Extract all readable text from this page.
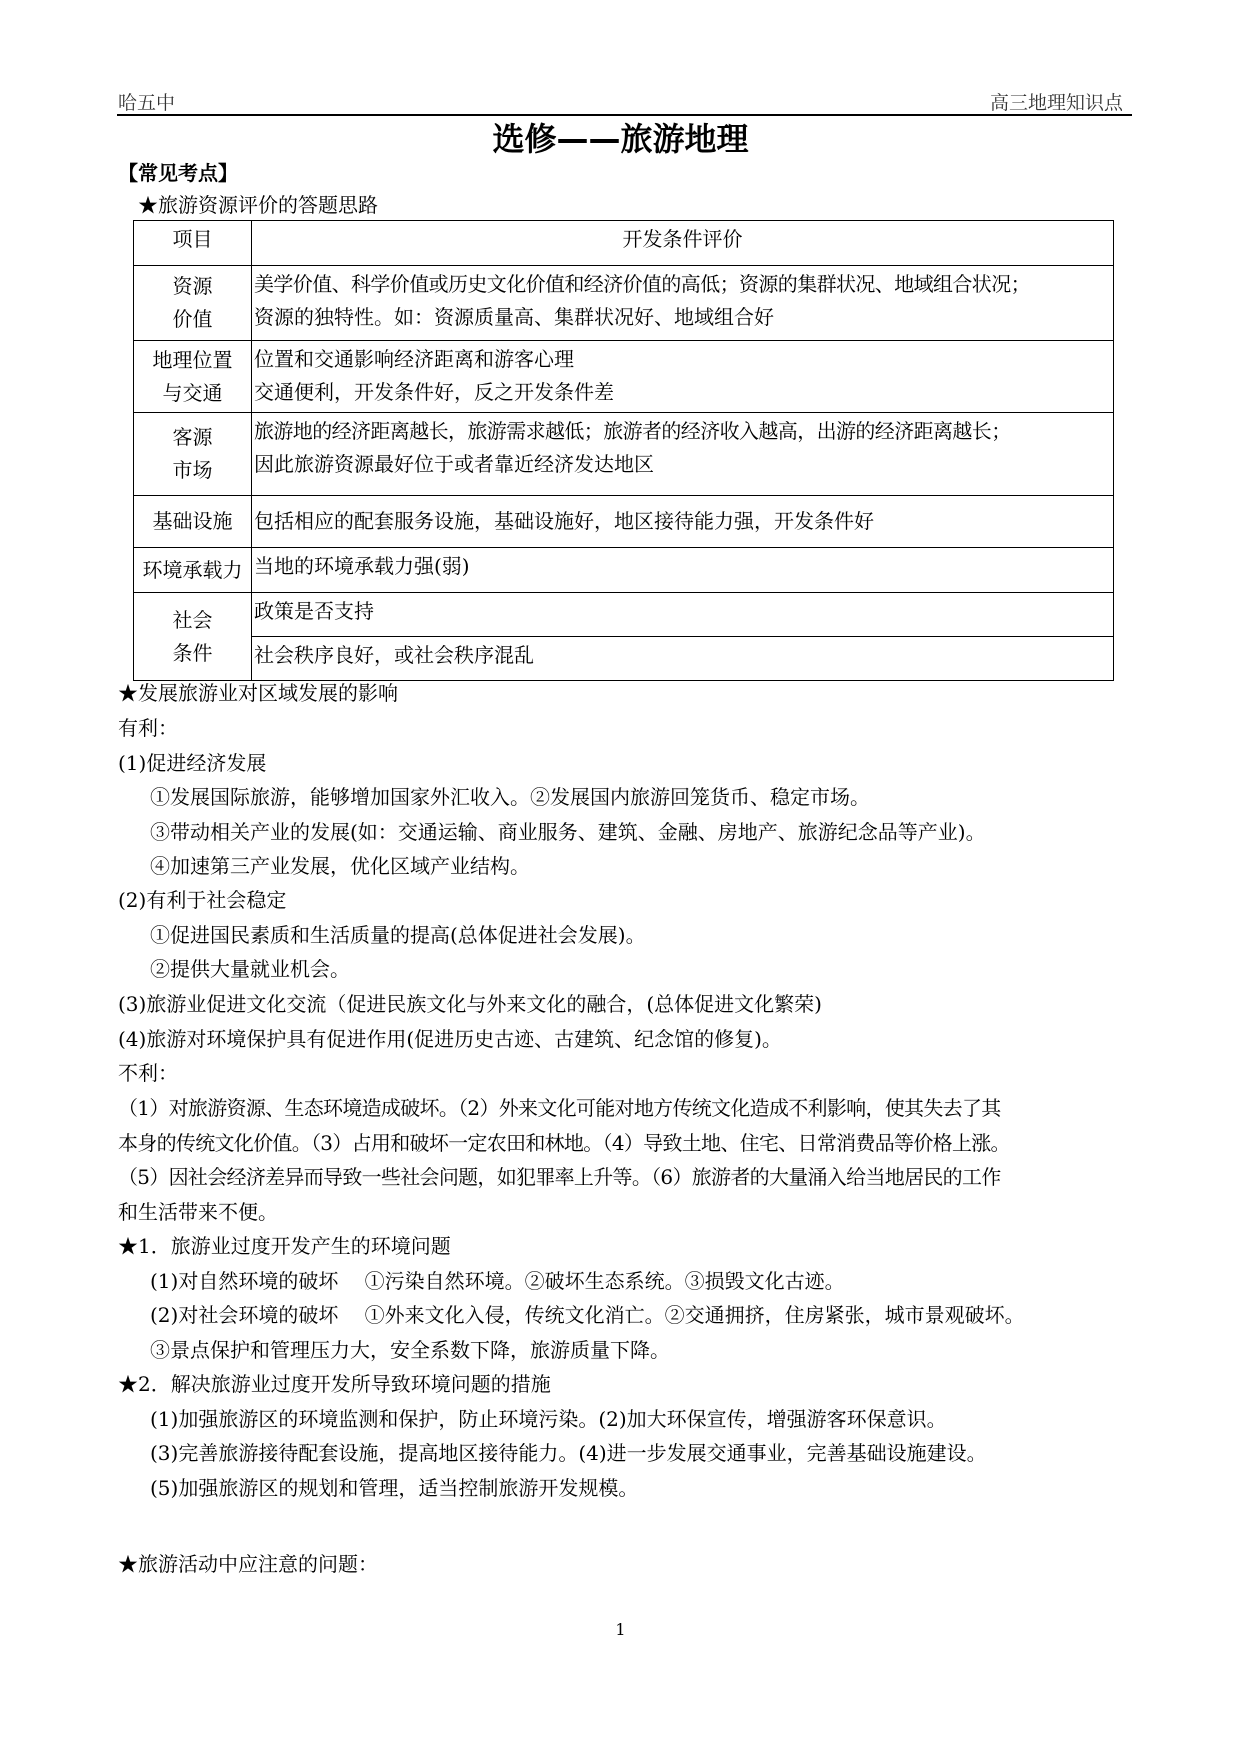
哈五中	高三地理知识点
选修——旅游地理
【常见考点】
★旅游资源评价的答题思路
项目	开发条件评价
资源价值	美学价值、科学价值或历史文化价值和经济价值的高低；资源的集群状况、地域组合状况；
资源的独特性。如：资源质量高、集群状况好、地域组合好

地理位置与交通	位置和交通影响经济距离和游客心理
交通便利，开发条件好，反之开发条件差

客源市场	旅游地的经济距离越长，旅游需求越低；旅游者的经济收入越高，出游的经济距离越长；
因此旅游资源最好位于或者靠近经济发达地区

基础设施	包括相应的配套服务设施，基础设施好，地区接待能力强，开发条件好

环境承载力	当地的环境承载力强(弱)

社会条件	政策是否支持

	社会秩序良好，或社会秩序混乱
★发展旅游业对区域发展的影响
有利：
(1)促进经济发展
①发展国际旅游，能够增加国家外汇收入。②发展国内旅游回笼货币、稳定市场。
③带动相关产业的发展(如：交通运输、商业服务、建筑、金融、房地产、旅游纪念品等产业)。
④加速第三产业发展，优化区域产业结构。
(2)有利于社会稳定
①促进国民素质和生活质量的提高(总体促进社会发展)。
②提供大量就业机会。
(3)旅游业促进文化交流（促进民族文化与外来文化的融合，(总体促进文化繁荣)
(4)旅游对环境保护具有促进作用(促进历史古迹、古建筑、纪念馆的修复)。
不利：
（1）对旅游资源、生态环境造成破坏。（2）外来文化可能对地方传统文化造成不利影响，使其失去了其
本身的传统文化价值。（3）占用和破坏一定农田和林地。（4）导致土地、住宅、日常消费品等价格上涨。
（5）因社会经济差异而导致一些社会问题，如犯罪率上升等。（6）旅游者的大量涌入给当地居民的工作
和生活带来不便。
★1．旅游业过度开发产生的环境问题
(1)对自然环境的破坏　 ①污染自然环境。②破坏生态系统。③损毁文化古迹。
(2)对社会环境的破坏　 ①外来文化入侵，传统文化消亡。②交通拥挤，住房紧张，城市景观破坏。
③景点保护和管理压力大，安全系数下降，旅游质量下降。
★2．解决旅游业过度开发所导致环境问题的措施
(1)加强旅游区的环境监测和保护，防止环境污染。(2)加大环保宣传，增强游客环保意识。
(3)完善旅游接待配套设施，提高地区接待能力。(4)进一步发展交通事业，完善基础设施建设。
(5)加强旅游区的规划和管理，适当控制旅游开发规模。
★旅游活动中应注意的问题：
1
